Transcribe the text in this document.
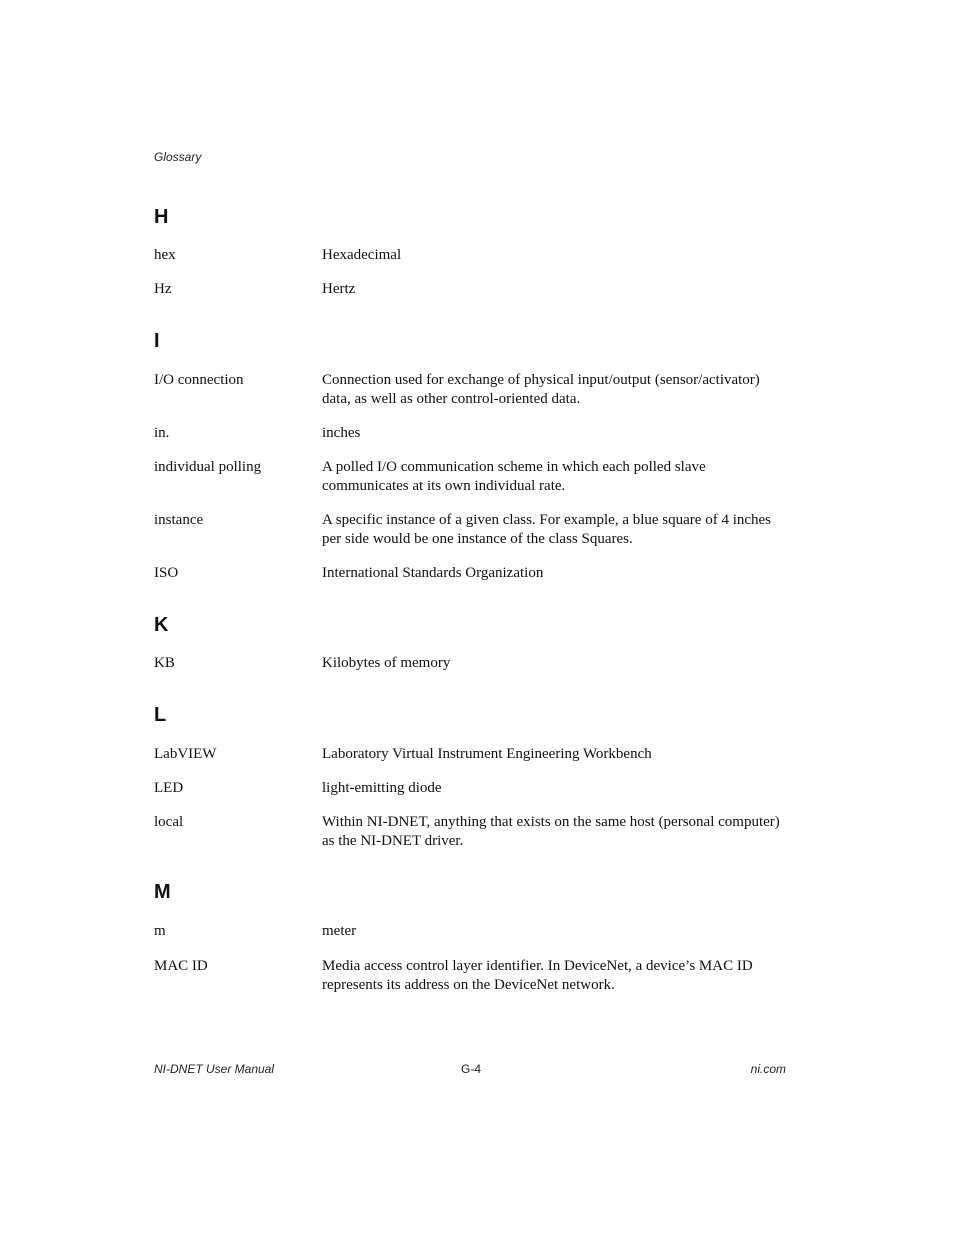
Glossary
H
hex	Hexadecimal
Hz	Hertz
I
I/O connection	Connection used for exchange of physical input/output (sensor/activator) data, as well as other control-oriented data.
in.	inches
individual polling	A polled I/O communication scheme in which each polled slave communicates at its own individual rate.
instance	A specific instance of a given class. For example, a blue square of 4 inches per side would be one instance of the class Squares.
ISO	International Standards Organization
K
KB	Kilobytes of memory
L
LabVIEW	Laboratory Virtual Instrument Engineering Workbench
LED	light-emitting diode
local	Within NI-DNET, anything that exists on the same host (personal computer) as the NI-DNET driver.
M
m	meter
MAC ID	Media access control layer identifier. In DeviceNet, a device’s MAC ID represents its address on the DeviceNet network.
NI-DNET User Manual	G-4	ni.com
